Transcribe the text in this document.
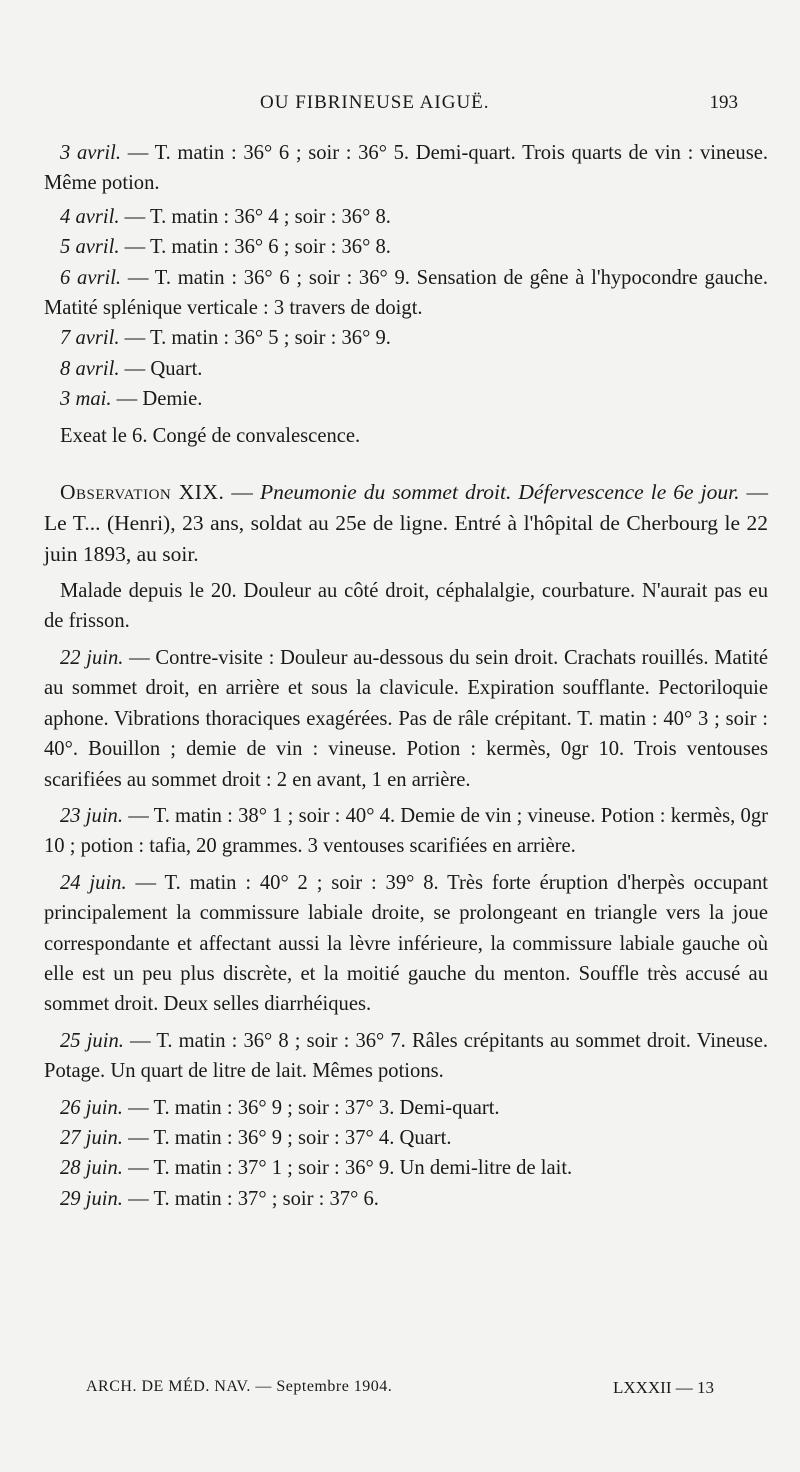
OU FIBRINEUSE AIGUË.	193

3 avril. — T. matin : 36° 6 ; soir : 36° 5. Demi-quart. Trois quarts de vin : vineuse. Même potion.

4 avril. — T. matin : 36° 4 ; soir : 36° 8.

5 avril. — T. matin : 36° 6 ; soir : 36° 8.

6 avril. — T. matin : 36° 6 ; soir : 36° 9. Sensation de gêne à l'hypocondre gauche. Matité splénique verticale : 3 travers de doigt.

7 avril. — T. matin : 36° 5 ; soir : 36° 9.

8 avril. — Quart.

3 mai. — Demie.

Exeat le 6. Congé de convalescence.

Observation XIX. — Pneumonie du sommet droit. Défervescence le 6e jour. — Le T... (Henri), 23 ans, soldat au 25e de ligne. Entré à l'hôpital de Cherbourg le 22 juin 1893, au soir.

Malade depuis le 20. Douleur au côté droit, céphalalgie, courbature. N'aurait pas eu de frisson.

22 juin. — Contre-visite : Douleur au-dessous du sein droit. Crachats rouillés. Matité au sommet droit, en arrière et sous la clavicule. Expiration soufflante. Pectoriloquie aphone. Vibrations thoraciques exagérées. Pas de râle crépitant. T. matin : 40° 3 ; soir : 40°. Bouillon ; demie de vin : vineuse. Potion : kermès, 0gr 10. Trois ventouses scarifiées au sommet droit : 2 en avant, 1 en arrière.

23 juin. — T. matin : 38° 1 ; soir : 40° 4. Demie de vin ; vineuse. Potion : kermès, 0gr 10 ; potion : tafia, 20 grammes. 3 ventouses scarifiées en arrière.

24 juin. — T. matin : 40° 2 ; soir : 39° 8. Très forte éruption d'herpès occupant principalement la commissure labiale droite, se prolongeant en triangle vers la joue correspondante et affectant aussi la lèvre inférieure, la commissure labiale gauche où elle est un peu plus discrète, et la moitié gauche du menton. Souffle très accusé au sommet droit. Deux selles diarrhéiques.

25 juin. — T. matin : 36° 8 ; soir : 36° 7. Râles crépitants au sommet droit. Vineuse. Potage. Un quart de litre de lait. Mêmes potions.

26 juin. — T. matin : 36° 9 ; soir : 37° 3. Demi-quart.

27 juin. — T. matin : 36° 9 ; soir : 37° 4. Quart.

28 juin. — T. matin : 37° 1 ; soir : 36° 9. Un demi-litre de lait.

29 juin. — T. matin : 37° ; soir : 37° 6.

ARCH. DE MÉD. NAV. — Septembre 1904.	LXXXII — 13
